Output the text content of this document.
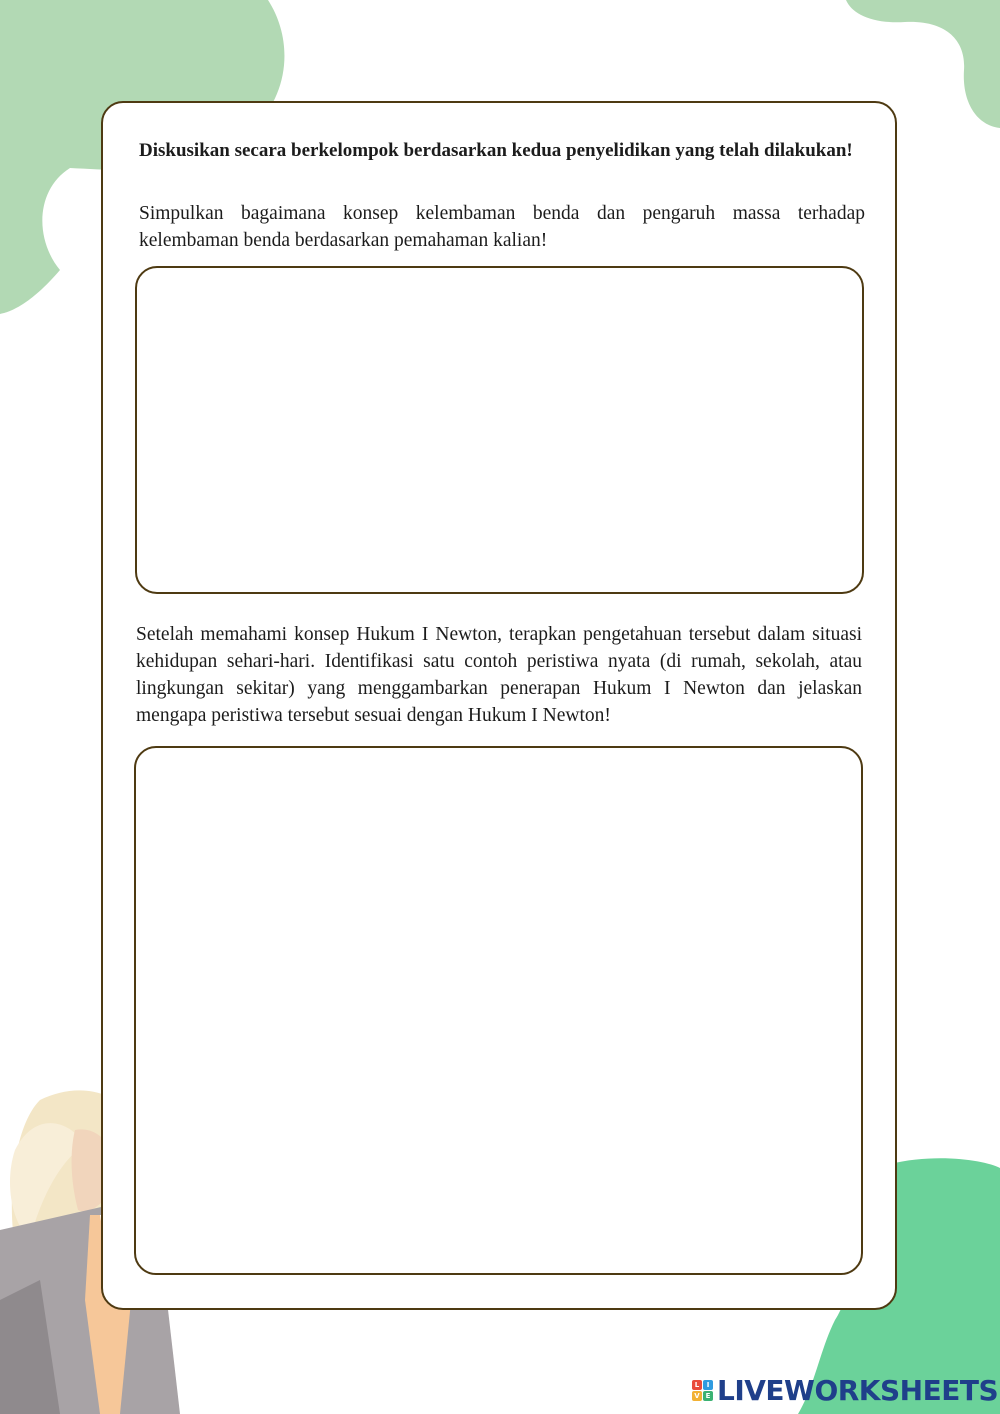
Diskusikan secara berkelompok berdasarkan kedua penyelidikan yang telah dilakukan!

Simpulkan bagaimana konsep kelembaman benda dan pengaruh massa terhadap kelembaman benda berdasarkan pemahaman kalian!

Setelah memahami konsep Hukum I Newton, terapkan pengetahuan tersebut dalam situasi kehidupan sehari-hari. Identifikasi satu contoh peristiwa nyata (di rumah, sekolah, atau lingkungan sekitar) yang menggambarkan penerapan Hukum I Newton dan jelaskan mengapa peristiwa tersebut sesuai dengan Hukum I Newton!

L	I
V E LIVEWORKSHEETS
